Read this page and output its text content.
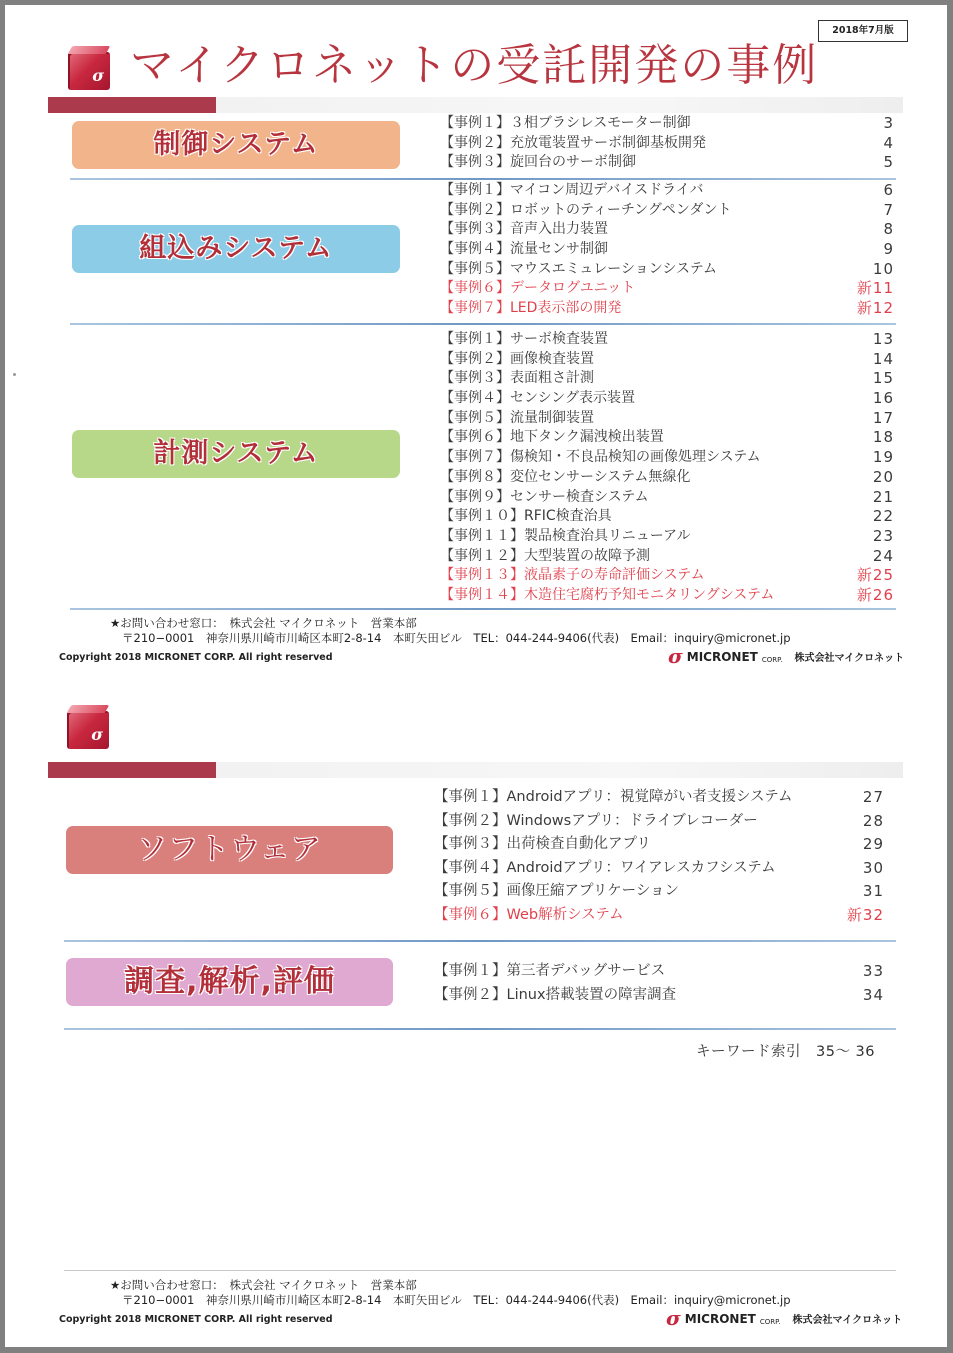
2018年7月版
σ マイクロネットの受託開発の事例
制御システム
【事例１】３相ブラシレスモーター制御	3
【事例２】充放電装置サーボ制御基板開発	4
【事例３】旋回台のサーボ制御	5
組込みシステム
【事例１】マイコン周辺デバイスドライバ	6
【事例２】ロボットのティーチングペンダント	7
【事例３】音声入出力装置	8
【事例４】流量センサ制御	9
【事例５】マウスエミュレーションシステム	10
【事例６】データログユニット	新11
【事例７】LED表示部の開発	新12
計測システム
【事例１】サーボ検査装置	13
【事例２】画像検査装置	14
【事例３】表面粗さ計測	15
【事例４】センシング表示装置	16
【事例５】流量制御装置	17
【事例６】地下タンク漏洩検出装置	18
【事例７】傷検知・不良品検知の画像処理システム	19
【事例８】変位センサーシステム無線化	20
【事例９】センサー検査システム	21
【事例１０】RFIC検査治具	22
【事例１１】製品検査治具リニューアル	23
【事例１２】大型装置の故障予測	24
【事例１３】液晶素子の寿命評価システム	新25
【事例１４】木造住宅腐朽予知モニタリングシステム	新26
★お問い合わせ窓口：　株式会社 マイクロネット　営業本部
〒210−0001　神奈川県川崎市川崎区本町2-8-14　本町矢田ビル　TEL：044-244-9406(代表)　Email：inquiry@micronet.jp
Copyright 2018 MICRONET CORP. All right reserved	σ MICRONET CORP. 株式会社マイクロネット
σ
ソフトウェア
【事例１】Androidアプリ：視覚障がい者支援システム	27
【事例２】Windowsアプリ：ドライブレコーダー	28
【事例３】出荷検査自動化アプリ	29
【事例４】Androidアプリ：ワイアレスカフシステム	30
【事例５】画像圧縮アプリケーション	31
【事例６】Web解析システム	新32
調査,解析,評価	【事例１】第三者デバッグサービス	33
【事例２】Linux搭載装置の障害調査	34
キーワード索引　35～ 36
★お問い合わせ窓口：　株式会社 マイクロネット　営業本部
〒210−0001　神奈川県川崎市川崎区本町2-8-14　本町矢田ビル　TEL：044-244-9406(代表)　Email：inquiry@micronet.jp
Copyright 2018 MICRONET CORP. All right reserved	σ MICRONET CORP. 株式会社マイクロネット
